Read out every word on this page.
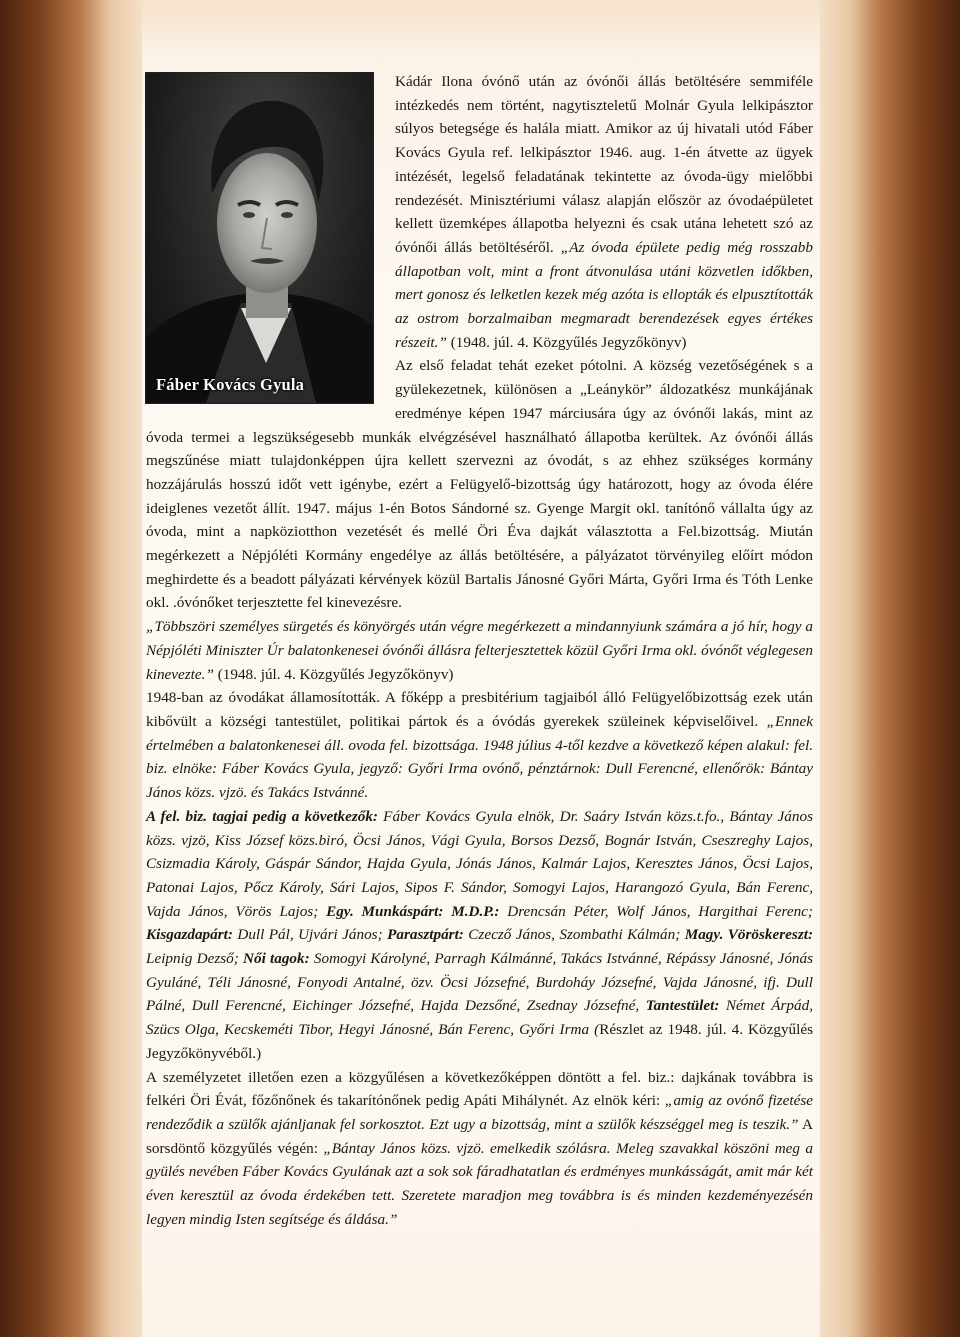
Fáber Kovács Gyula

Kádár Ilona óvónő után az óvónői állás betöltésére semmiféle intézkedés nem történt, nagytiszteletű Molnár Gyula lelkipásztor súlyos betegsége és halála miatt. Amikor az új hivatali utód Fáber Kovács Gyula ref. lelkipásztor 1946. aug. 1-én átvette az ügyek intézését, legelső feladatának tekintette az óvoda-ügy mielőbbi rendezését. Minisztériumi válasz alapján először az óvodaépületet kellett üzemképes állapotba helyezni és csak utána lehetett szó az óvónői állás betöltéséről. „Az óvoda épülete pedig még rosszabb állapotban volt, mint a front átvonulása utáni közvetlen időkben, mert gonosz és lelketlen kezek még azóta is ellopták és elpusztították az ostrom borzalmaiban megmaradt berendezések egyes értékes részeit.” (1948. júl. 4. Közgyűlés Jegyzőkönyv)

Az első feladat tehát ezeket pótolni. A község vezetőségének s a gyülekezetnek, különösen a „Leánykör” áldozatkész munkájának eredménye képen 1947 márciusára úgy az óvónői lakás, mint az óvoda termei a legszükségesebb munkák elvégzésével használható állapotba kerültek. Az óvónői állás megszűnése miatt tulajdonképpen újra kellett szervezni az óvodát, s az ehhez szükséges kormány hozzájárulás hosszú időt vett igénybe, ezért a Felügyelő-bizottság úgy határozott, hogy az óvoda élére ideiglenes vezetőt állít. 1947. május 1-én Botos Sándorné sz. Gyenge Margit okl. tanítónő vállalta úgy az óvoda, mint a napköziotthon vezetését és mellé Öri Éva dajkát választotta a Fel.bizottság. Miután megérkezett a Népjóléti Kormány engedélye az állás betöltésére, a pályázatot törvényileg előírt módon meghirdette és a beadott pályázati kérvények közül Bartalis Jánosné Győri Márta, Győri Irma és Tóth Lenke okl. .óvónőket terjesztette fel kinevezésre.

„Többszöri személyes sürgetés és könyörgés után végre megérkezett a mindannyiunk számára a jó hír, hogy a Népjóléti Miniszter Úr balatonkenesei óvónői állásra felterjesztettek közül Győri Irma okl. óvónőt véglegesen kinevezte.” (1948. júl. 4. Közgyűlés Jegyzőkönyv)

1948-ban az óvodákat államosították. A főképp a presbitérium tagjaiból álló Felügyelőbizottság ezek után kibővült a községi tantestület, politikai pártok és a óvódás gyerekek szüleinek képviselőivel. „Ennek értelmében a balatonkenesei áll. ovoda fel. bizottsága. 1948 július 4-től kezdve a következő képen alakul: fel. biz. elnöke: Fáber Kovács Gyula, jegyző: Győri Irma ovónő, pénztárnok: Dull Ferencné, ellenőrök: Bántay János közs. vjzö. és Takács Istvánné.
A fel. biz. tagjai pedig a következők: Fáber Kovács Gyula elnök, Dr. Saáry István közs.t.fo., Bántay János közs. vjzö, Kiss József közs.biró, Öcsi János, Vági Gyula, Borsos Dezső, Bognár István, Cseszreghy Lajos, Csizmadia Károly, Gáspár Sándor, Hajda Gyula, Jónás János, Kalmár Lajos, Keresztes János, Öcsi Lajos, Patonai Lajos, Pőcz Károly, Sári Lajos, Sipos F. Sándor, Somogyi Lajos, Harangozó Gyula, Bán Ferenc, Vajda János, Vörös Lajos; Egy. Munkáspárt: M.D.P.: Drencsán Péter, Wolf János, Hargithai Ferenc; Kisgazdapárt: Dull Pál, Ujvári János; Parasztpárt: Czecző János, Szombathi Kálmán; Magy. Vöröskereszt: Leipnig Dezső; Női tagok: Somogyi Károlyné, Parragh Kálmánné, Takács Istvánné, Répássy Jánosné, Jónás Gyuláné, Téli Jánosné, Fonyodi Antalné, özv. Öcsi Józsefné, Burdoháy Józsefné, Vajda Jánosné, ifj. Dull Pálné, Dull Ferencné, Eichinger Józsefné, Hajda Dezsőné, Zsednay Józsefné, Tantestület: Német Árpád, Szücs Olga, Kecskeméti Tibor, Hegyi Jánosné, Bán Ferenc, Győri Irma (Részlet az 1948. júl. 4. Közgyűlés Jegyzőkönyvéből.)

A személyzetet illetően ezen a közgyűlésen a következőképpen döntött a fel. biz.: dajkának továbbra is felkéri Öri Évát, főzőnőnek és takarítónőnek pedig Apáti Mihálynét. Az elnök kéri: „amig az ovónő fizetése rendeződik a szülők ajánljanak fel sorkosztot. Ezt ugy a bizottság, mint a szülők készséggel meg is teszik.” A sorsdöntő közgyűlés végén: „Bántay János közs. vjzö. emelkedik szólásra. Meleg szavakkal köszöni meg a gyülés nevében Fáber Kovács Gyulának azt a sok sok fáradhatatlan és erdményes munkásságát, amit már két éven keresztül az óvoda érdekében tett. Szeretete maradjon meg továbbra is és minden kezdeményezésén legyen mindig Isten segítsége és áldása.”
